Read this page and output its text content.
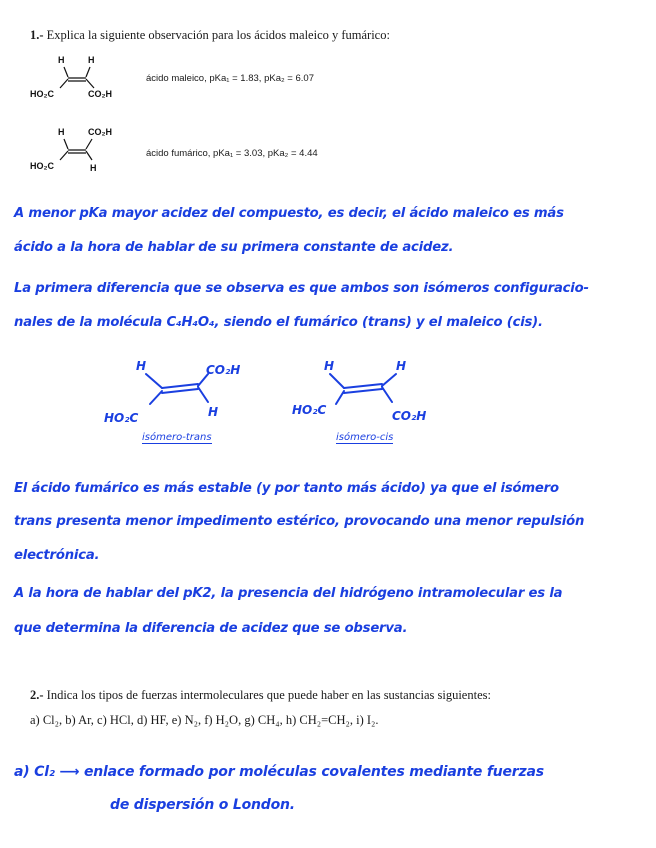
1.- Explica la siguiente observación para los ácidos maleico y fumárico:
H	H
HO₂C	CO₂H
ácido maleico, pKa₁ = 1.83, pKa₂ = 6.07
H	CO₂H
HO₂C	H
ácido fumárico, pKa₁ = 3.03, pKa₂ = 4.44
A menor pKa mayor acidez del compuesto, es decir, el ácido maleico es más
ácido a la hora de hablar de su primera constante de acidez.
La primera diferencia que se observa es que ambos son isómeros configuracio-
nales de la molécula C₄H₄O₄, siendo el fumárico (trans) y el maleico (cis).
H	CO₂H
HO₂C	H
isómero-trans
H	H
HO₂C	CO₂H
isómero-cis
El ácido fumárico es más estable (y por tanto más ácido) ya que el isómero
trans presenta menor impedimento estérico, provocando una menor repulsión
electrónica.
A la hora de hablar del pK2, la presencia del hidrógeno intramolecular es la
que determina la diferencia de acidez que se observa.
2.- Indica los tipos de fuerzas intermoleculares que puede haber en las sustancias siguientes:
a) Cl₂, b) Ar, c) HCl, d) HF, e) N₂, f) H₂O, g) CH₄, h) CH₂=CH₂, i) I₂.
a) Cl₂ ⟶ enlace formado por moléculas covalentes mediante fuerzas
de dispersión o London.
